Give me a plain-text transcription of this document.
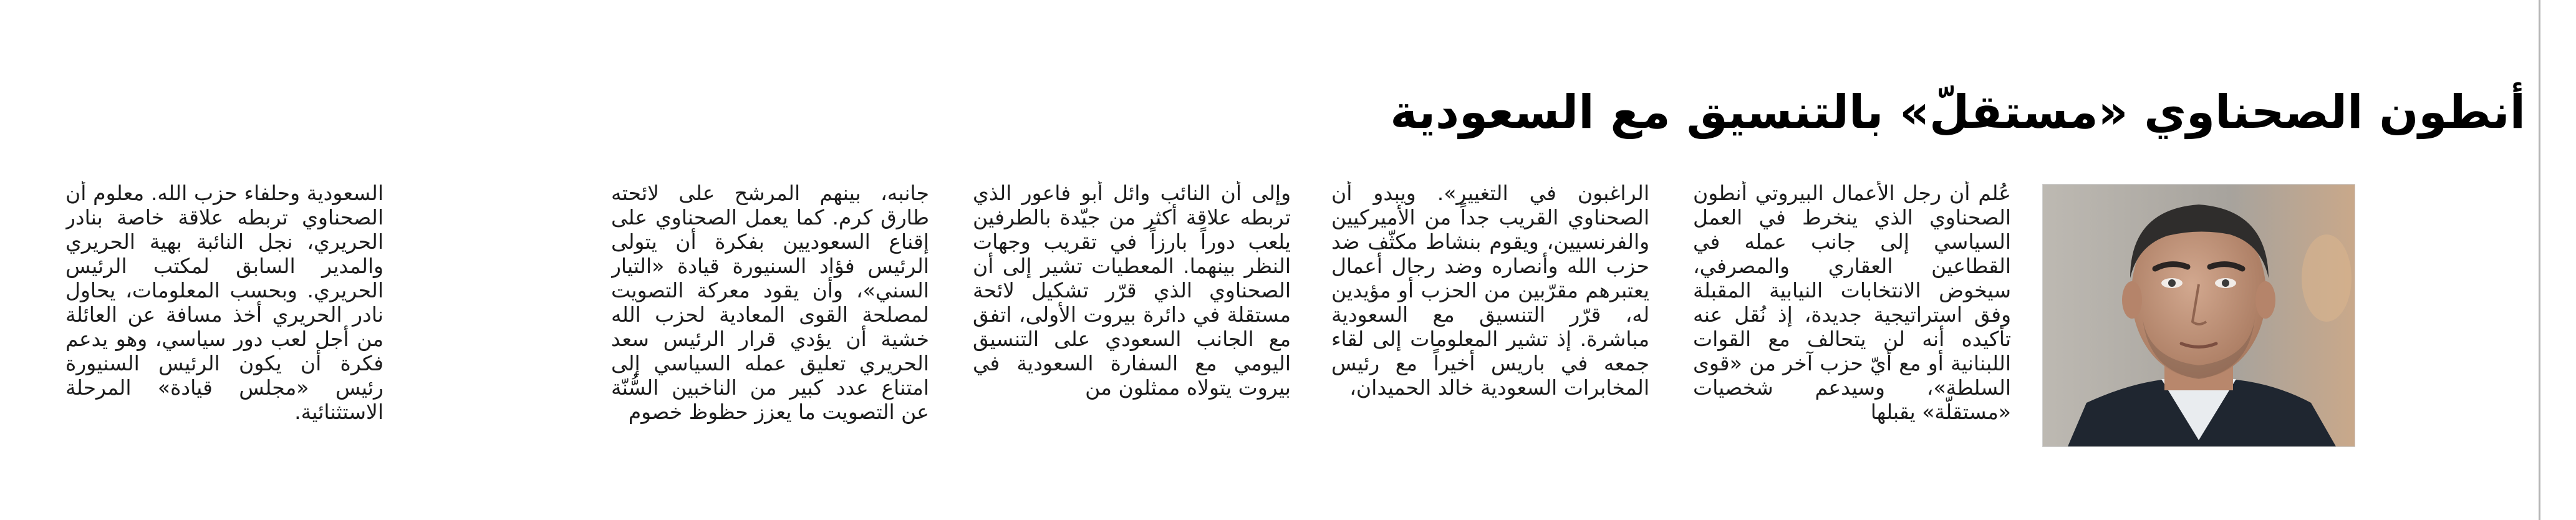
أنطون الصحناوي «مستقلّ» بالتنسيق مع السعودية

عُلم أن رجل الأعمال البيروتي أنطون الصحناوي الذي ينخرط في العمل السياسي إلى جانب عمله في القطاعين العقاري والمصرفي، سيخوض الانتخابات النيابية المقبلة وفق استراتيجية جديدة، إذ نُقل عنه تأكيده أنه لن يتحالف مع القوات اللبنانية أو مع أيّ حزب آخر من «قوى السلطة»، وسيدعم شخصيات «مستقلّة» يقبلها

الراغبون في التغيير». ويبدو أن الصحناوي القريب جداً من الأميركيين والفرنسيين، ويقوم بنشاط مكثّف ضد حزب الله وأنصاره وضد رجال أعمال يعتبرهم مقرّبين من الحزب أو مؤيدين له، قرّر التنسيق مع السعودية مباشرة. إذ تشير المعلومات إلى لقاء جمعه في باريس أخيراً مع رئيس المخابرات السعودية خالد الحميدان،

وإلى أن النائب وائل أبو فاعور الذي تربطه علاقة أكثر من جيّدة بالطرفين يلعب دوراً بارزاً في تقريب وجهات النظر بينهما. المعطيات تشير إلى أن الصحناوي الذي قرّر تشكيل لائحة مستقلة في دائرة بيروت الأولى، اتفق مع الجانب السعودي على التنسيق اليومي مع السفارة السعودية في بيروت يتولاه ممثلون من

جانبه، بينهم المرشح على لائحته طارق كرم. كما يعمل الصحناوي على إقناع السعوديين بفكرة أن يتولى الرئيس فؤاد السنيورة قيادة «التيار السني»، وأن يقود معركة التصويت لمصلحة القوى المعادية لحزب الله خشية أن يؤدي قرار الرئيس سعد الحريري تعليق عمله السياسي إلى امتناع عدد كبير من الناخبين السُّنّة عن التصويت ما يعزز حظوظ خصوم

السعودية وحلفاء حزب الله. معلوم أن الصحناوي تربطه علاقة خاصة بنادر الحريري، نجل النائبة بهية الحريري والمدير السابق لمكتب الرئيس الحريري. وبحسب المعلومات، يحاول نادر الحريري أخذ مسافة عن العائلة من أجل لعب دور سياسي، وهو يدعم فكرة أن يكون الرئيس السنيورة رئيس «مجلس قيادة» المرحلة الاستثنائية.
